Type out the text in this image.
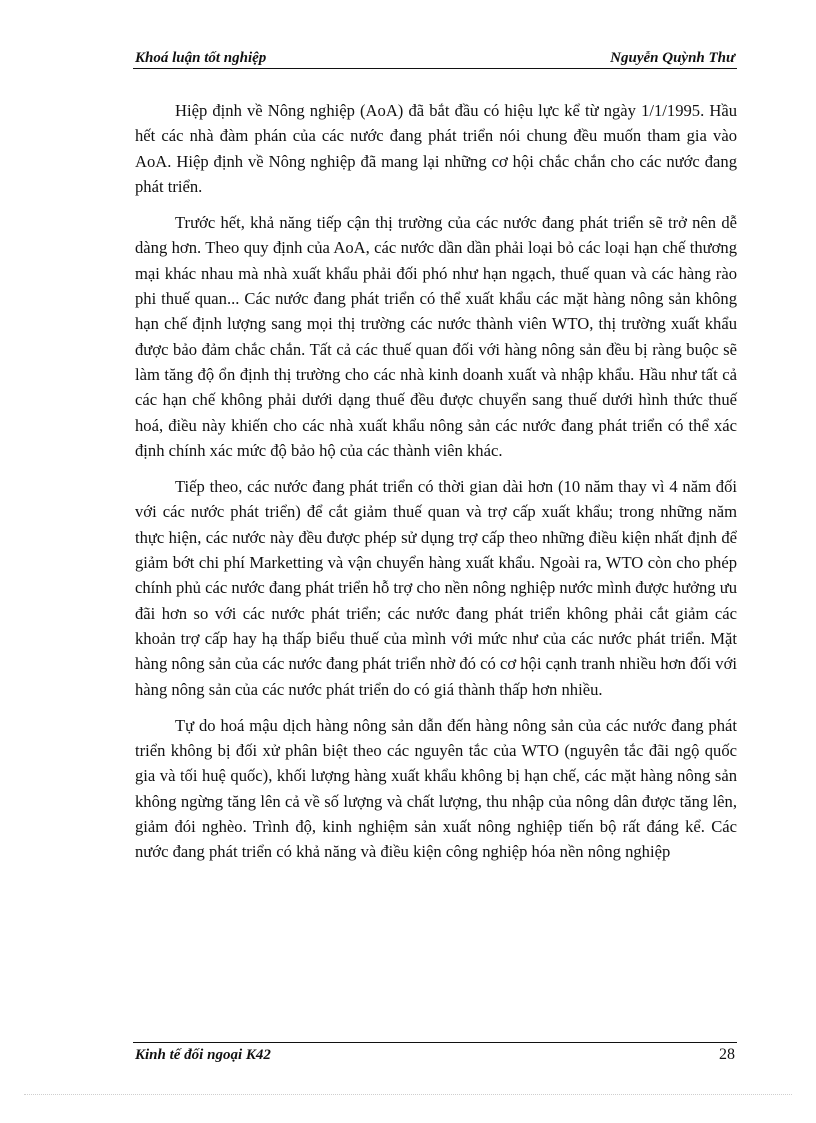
Khoá luận tốt nghiệp	Nguyễn Quỳnh Thư

Hiệp định về Nông nghiệp (AoA) đã bắt đầu có hiệu lực kể từ ngày 1/1/1995. Hầu hết các nhà đàm phán của các nước đang phát triển nói chung đều muốn tham gia vào AoA. Hiệp định về Nông nghiệp đã mang lại những cơ hội chắc chắn cho các nước đang phát triển.

Trước hết, khả năng tiếp cận thị trường của các nước đang phát triển sẽ trở nên dễ dàng hơn. Theo quy định của AoA, các nước dần dần phải loại bỏ các loại hạn chế thương mại khác nhau mà nhà xuất khẩu phải đối phó như hạn ngạch, thuế quan và các hàng rào phi thuế quan... Các nước đang phát triển có thể xuất khẩu các mặt hàng nông sản không hạn chế định lượng sang mọi thị trường các nước thành viên WTO, thị trường xuất khẩu được bảo đảm chắc chắn. Tất cả các thuế quan đối với hàng nông sản đều bị ràng buộc sẽ làm tăng độ ổn định thị trường cho các nhà kinh doanh xuất và nhập khẩu. Hầu như tất cả các hạn chế không phải dưới dạng thuế đều được chuyển sang thuế dưới hình thức thuế hoá, điều này khiến cho các nhà xuất khẩu nông sản các nước đang phát triển có thể xác định chính xác mức độ bảo hộ của các thành viên khác.

Tiếp theo, các nước đang phát triển có thời gian dài hơn (10 năm thay vì 4 năm đối với các nước phát triển) để cắt giảm thuế quan và trợ cấp xuất khẩu; trong những năm thực hiện, các nước này đều được phép sử dụng trợ cấp theo những điều kiện nhất định để giảm bớt chi phí Marketting và vận chuyển hàng xuất khẩu. Ngoài ra, WTO còn cho phép chính phủ các nước đang phát triển hỗ trợ cho nền nông nghiệp nước mình được hưởng ưu đãi hơn so với các nước phát triển; các nước đang phát triển không phải cắt giảm các khoản trợ cấp hay hạ thấp biểu thuế của mình với mức như của các nước phát triển. Mặt hàng nông sản của các nước đang phát triển nhờ đó có cơ hội cạnh tranh nhiều hơn đối với hàng nông sản của các nước phát triển do có giá thành thấp hơn nhiều.

Tự do hoá mậu dịch hàng nông sản dẫn đến hàng nông sản của các nước đang phát triển không bị đối xử phân biệt theo các nguyên tắc của WTO (nguyên tắc đãi ngộ quốc gia và tối huệ quốc), khối lượng hàng xuất khẩu không bị hạn chế, các mặt hàng nông sản không ngừng tăng lên cả về số lượng và chất lượng, thu nhập của nông dân được tăng lên, giảm đói nghèo. Trình độ, kinh nghiệm sản xuất nông nghiệp tiến bộ rất đáng kể. Các nước đang phát triển có khả năng và điều kiện công nghiệp hóa nền nông nghiệp

Kinh tế đối ngoại K42	28
